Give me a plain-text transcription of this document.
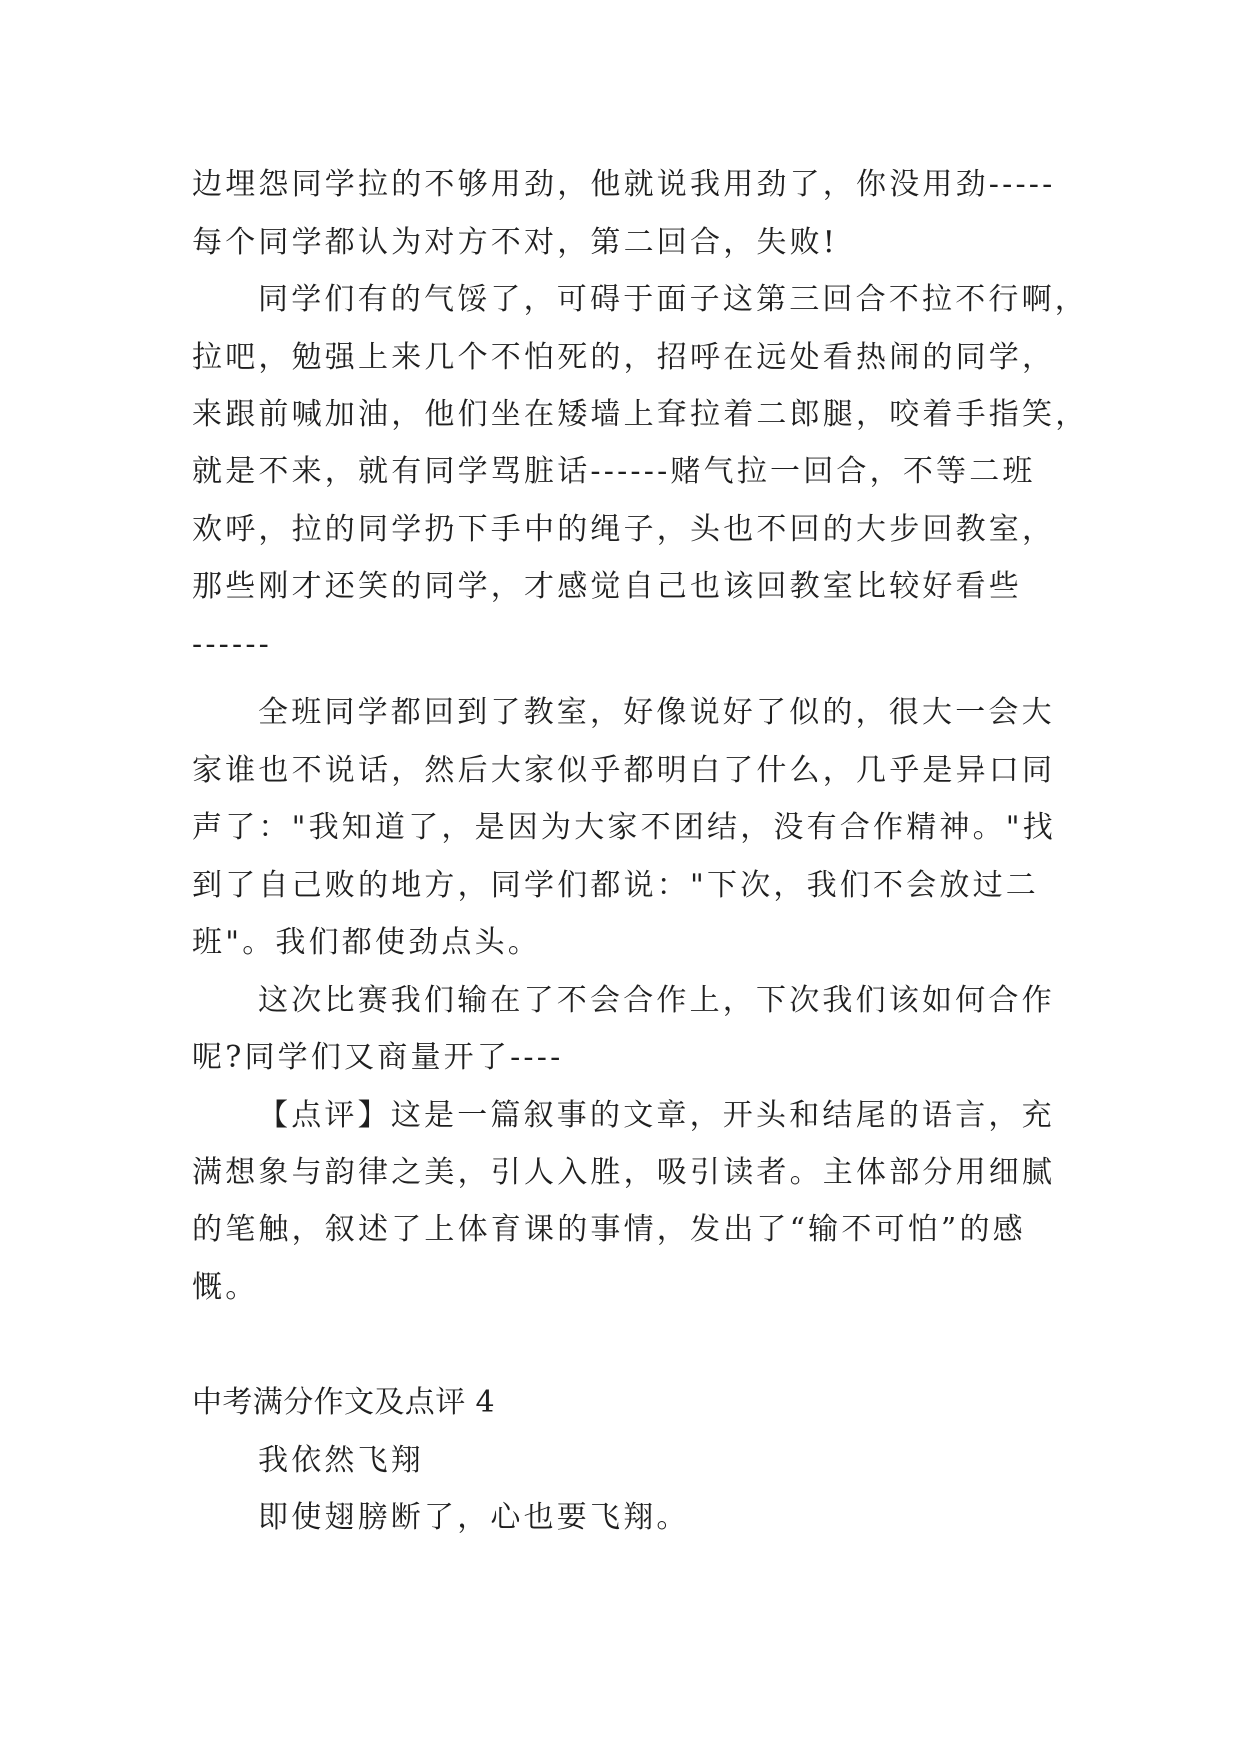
边埋怨同学拉的不够用劲，他就说我用劲了，你没用劲-----
每个同学都认为对方不对，第二回合，失败!
同学们有的气馁了，可碍于面子这第三回合不拉不行啊，
拉吧，勉强上来几个不怕死的，招呼在远处看热闹的同学，
来跟前喊加油，他们坐在矮墙上耷拉着二郎腿，咬着手指笑，
就是不来，就有同学骂脏话------赌气拉一回合，不等二班
欢呼，拉的同学扔下手中的绳子，头也不回的大步回教室，
那些刚才还笑的同学，才感觉自己也该回教室比较好看些
------
全班同学都回到了教室，好像说好了似的，很大一会大
家谁也不说话，然后大家似乎都明白了什么，几乎是异口同
声了："我知道了，是因为大家不团结，没有合作精神。"找
到了自己败的地方，同学们都说："下次，我们不会放过二
班"。我们都使劲点头。
这次比赛我们输在了不会合作上，下次我们该如何合作
呢?同学们又商量开了----
【点评】这是一篇叙事的文章，开头和结尾的语言，充
满想象与韵律之美，引人入胜，吸引读者。主体部分用细腻
的笔触，叙述了上体育课的事情，发出了“输不可怕”的感
慨。
中考满分作文及点评 4
我依然飞翔
即使翅膀断了，心也要飞翔。
